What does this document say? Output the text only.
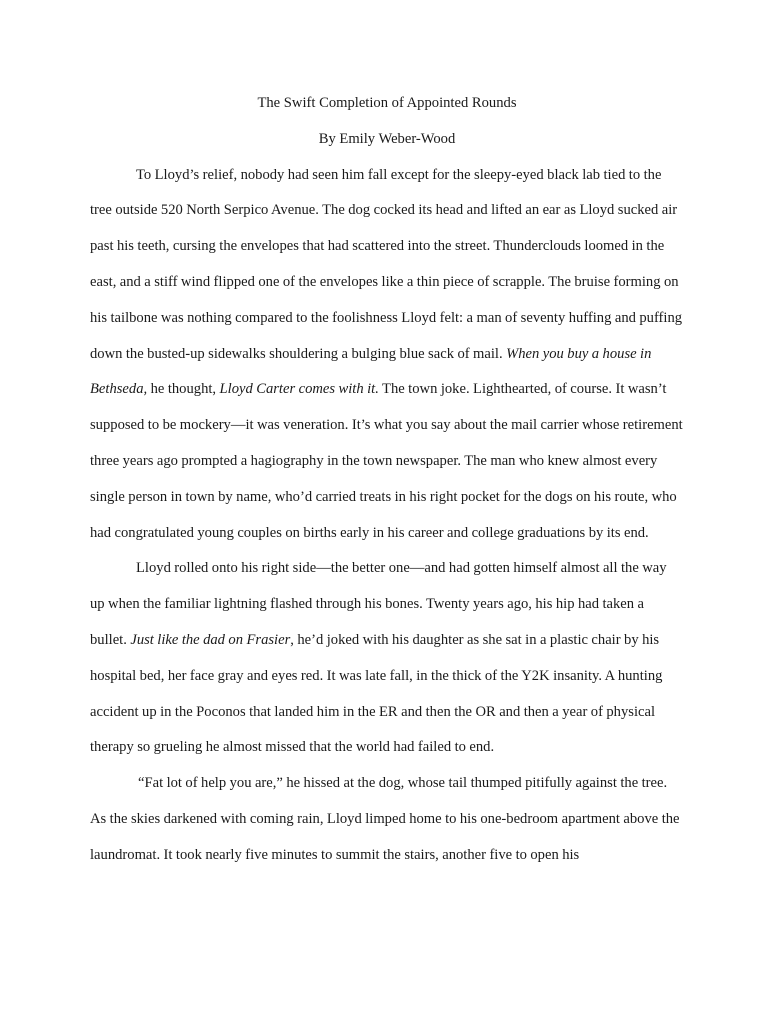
The Swift Completion of Appointed Rounds

By Emily Weber-Wood

To Lloyd’s relief, nobody had seen him fall except for the sleepy-eyed black lab tied to the tree outside 520 North Serpico Avenue. The dog cocked its head and lifted an ear as Lloyd sucked air past his teeth, cursing the envelopes that had scattered into the street. Thunderclouds loomed in the east, and a stiff wind flipped one of the envelopes like a thin piece of scrapple. The bruise forming on his tailbone was nothing compared to the foolishness Lloyd felt: a man of seventy huffing and puffing down the busted-up sidewalks shouldering a bulging blue sack of mail. When you buy a house in Bethseda, he thought, Lloyd Carter comes with it. The town joke. Lighthearted, of course. It wasn’t supposed to be mockery—it was veneration. It’s what you say about the mail carrier whose retirement three years ago prompted a hagiography in the town newspaper. The man who knew almost every single person in town by name, who’d carried treats in his right pocket for the dogs on his route, who had congratulated young couples on births early in his career and college graduations by its end.

Lloyd rolled onto his right side—the better one—and had gotten himself almost all the way up when the familiar lightning flashed through his bones. Twenty years ago, his hip had taken a bullet. Just like the dad on Frasier, he’d joked with his daughter as she sat in a plastic chair by his hospital bed, her face gray and eyes red. It was late fall, in the thick of the Y2K insanity. A hunting accident up in the Poconos that landed him in the ER and then the OR and then a year of physical therapy so grueling he almost missed that the world had failed to end.

“Fat lot of help you are,” he hissed at the dog, whose tail thumped pitifully against the tree. As the skies darkened with coming rain, Lloyd limped home to his one-bedroom apartment above the laundromat. It took nearly five minutes to summit the stairs, another five to open his
